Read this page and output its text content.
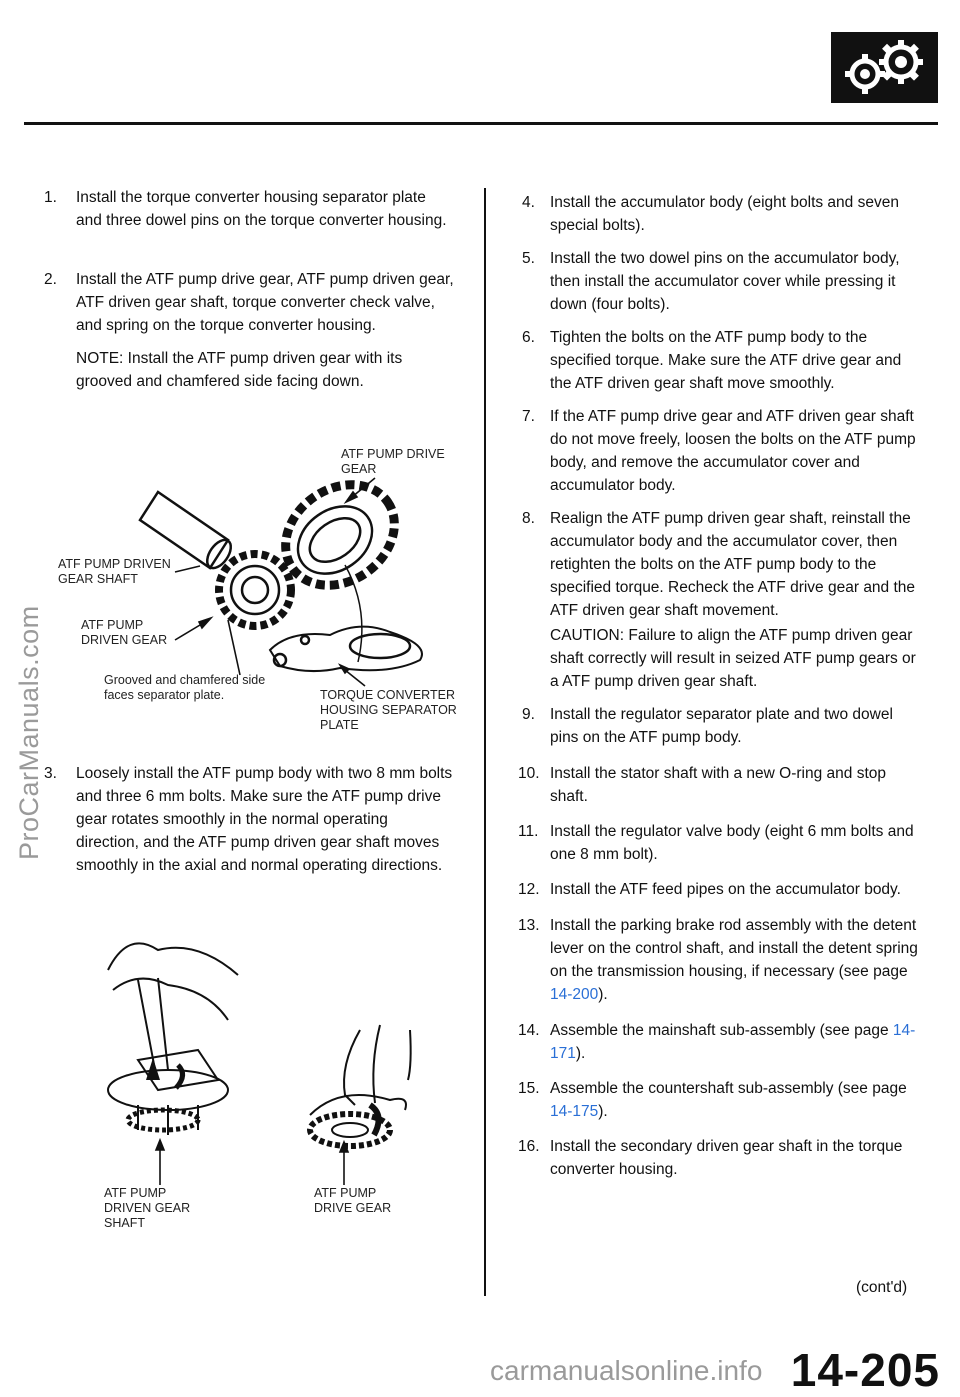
1.	Install the torque converter housing separator plate and three dowel pins on the torque converter housing.
2.	Install the ATF pump drive gear, ATF pump driven gear, ATF driven gear shaft, torque converter check valve, and spring on the torque converter housing.
NOTE: Install the ATF pump driven gear with its grooved and chamfered side facing down.
ATF PUMP DRIVE GEAR
ATF PUMP DRIVEN GEAR SHAFT
ATF PUMP DRIVEN GEAR
Grooved and chamfered side faces separator plate.	TORQUE CONVERTER HOUSING SEPARATOR PLATE
3.	Loosely install the ATF pump body with two 8 mm bolts and three 6 mm bolts. Make sure the ATF pump drive gear rotates smoothly in the normal operating direction, and the ATF pump driven gear shaft moves smoothly in the axial and normal operating directions.
ATF PUMP DRIVEN GEAR SHAFT
ATF PUMP DRIVE GEAR
4. Install the accumulator body (eight bolts and seven special bolts).
5. Install the two dowel pins on the accumulator body, then install the accumulator cover while pressing it down (four bolts).
6. Tighten the bolts on the ATF pump body to the specified torque. Make sure the ATF drive gear and the ATF driven gear shaft move smoothly.
7. If the ATF pump drive gear and ATF driven gear shaft do not move freely, loosen the bolts on the ATF pump body, and remove the accumulator cover and accumulator body.
8. Realign the ATF pump driven gear shaft, reinstall the accumulator body and the accumulator cover, then retighten the bolts on the ATF pump body to the specified torque. Recheck the ATF drive gear and the ATF driven gear shaft movement.
CAUTION: Failure to align the ATF pump driven gear shaft correctly will result in seized ATF pump gears or a ATF pump driven gear shaft.
9. Install the regulator separator plate and two dowel pins on the ATF pump body.
10. Install the stator shaft with a new O-ring and stop shaft.
11. Install the regulator valve body (eight 6 mm bolts and one 8 mm bolt).
12. Install the ATF feed pipes on the accumulator body.
13. Install the parking brake rod assembly with the detent lever on the control shaft, and install the detent spring on the transmission housing, if necessary (see page 14-200).
14. Assemble the mainshaft sub-assembly (see page 14-171).
15. Assemble the countershaft sub-assembly (see page 14-175).
16. Install the secondary driven gear shaft in the torque converter housing.
(cont'd)
ProCarManuals.com
carmanualsonline.info 14-205
